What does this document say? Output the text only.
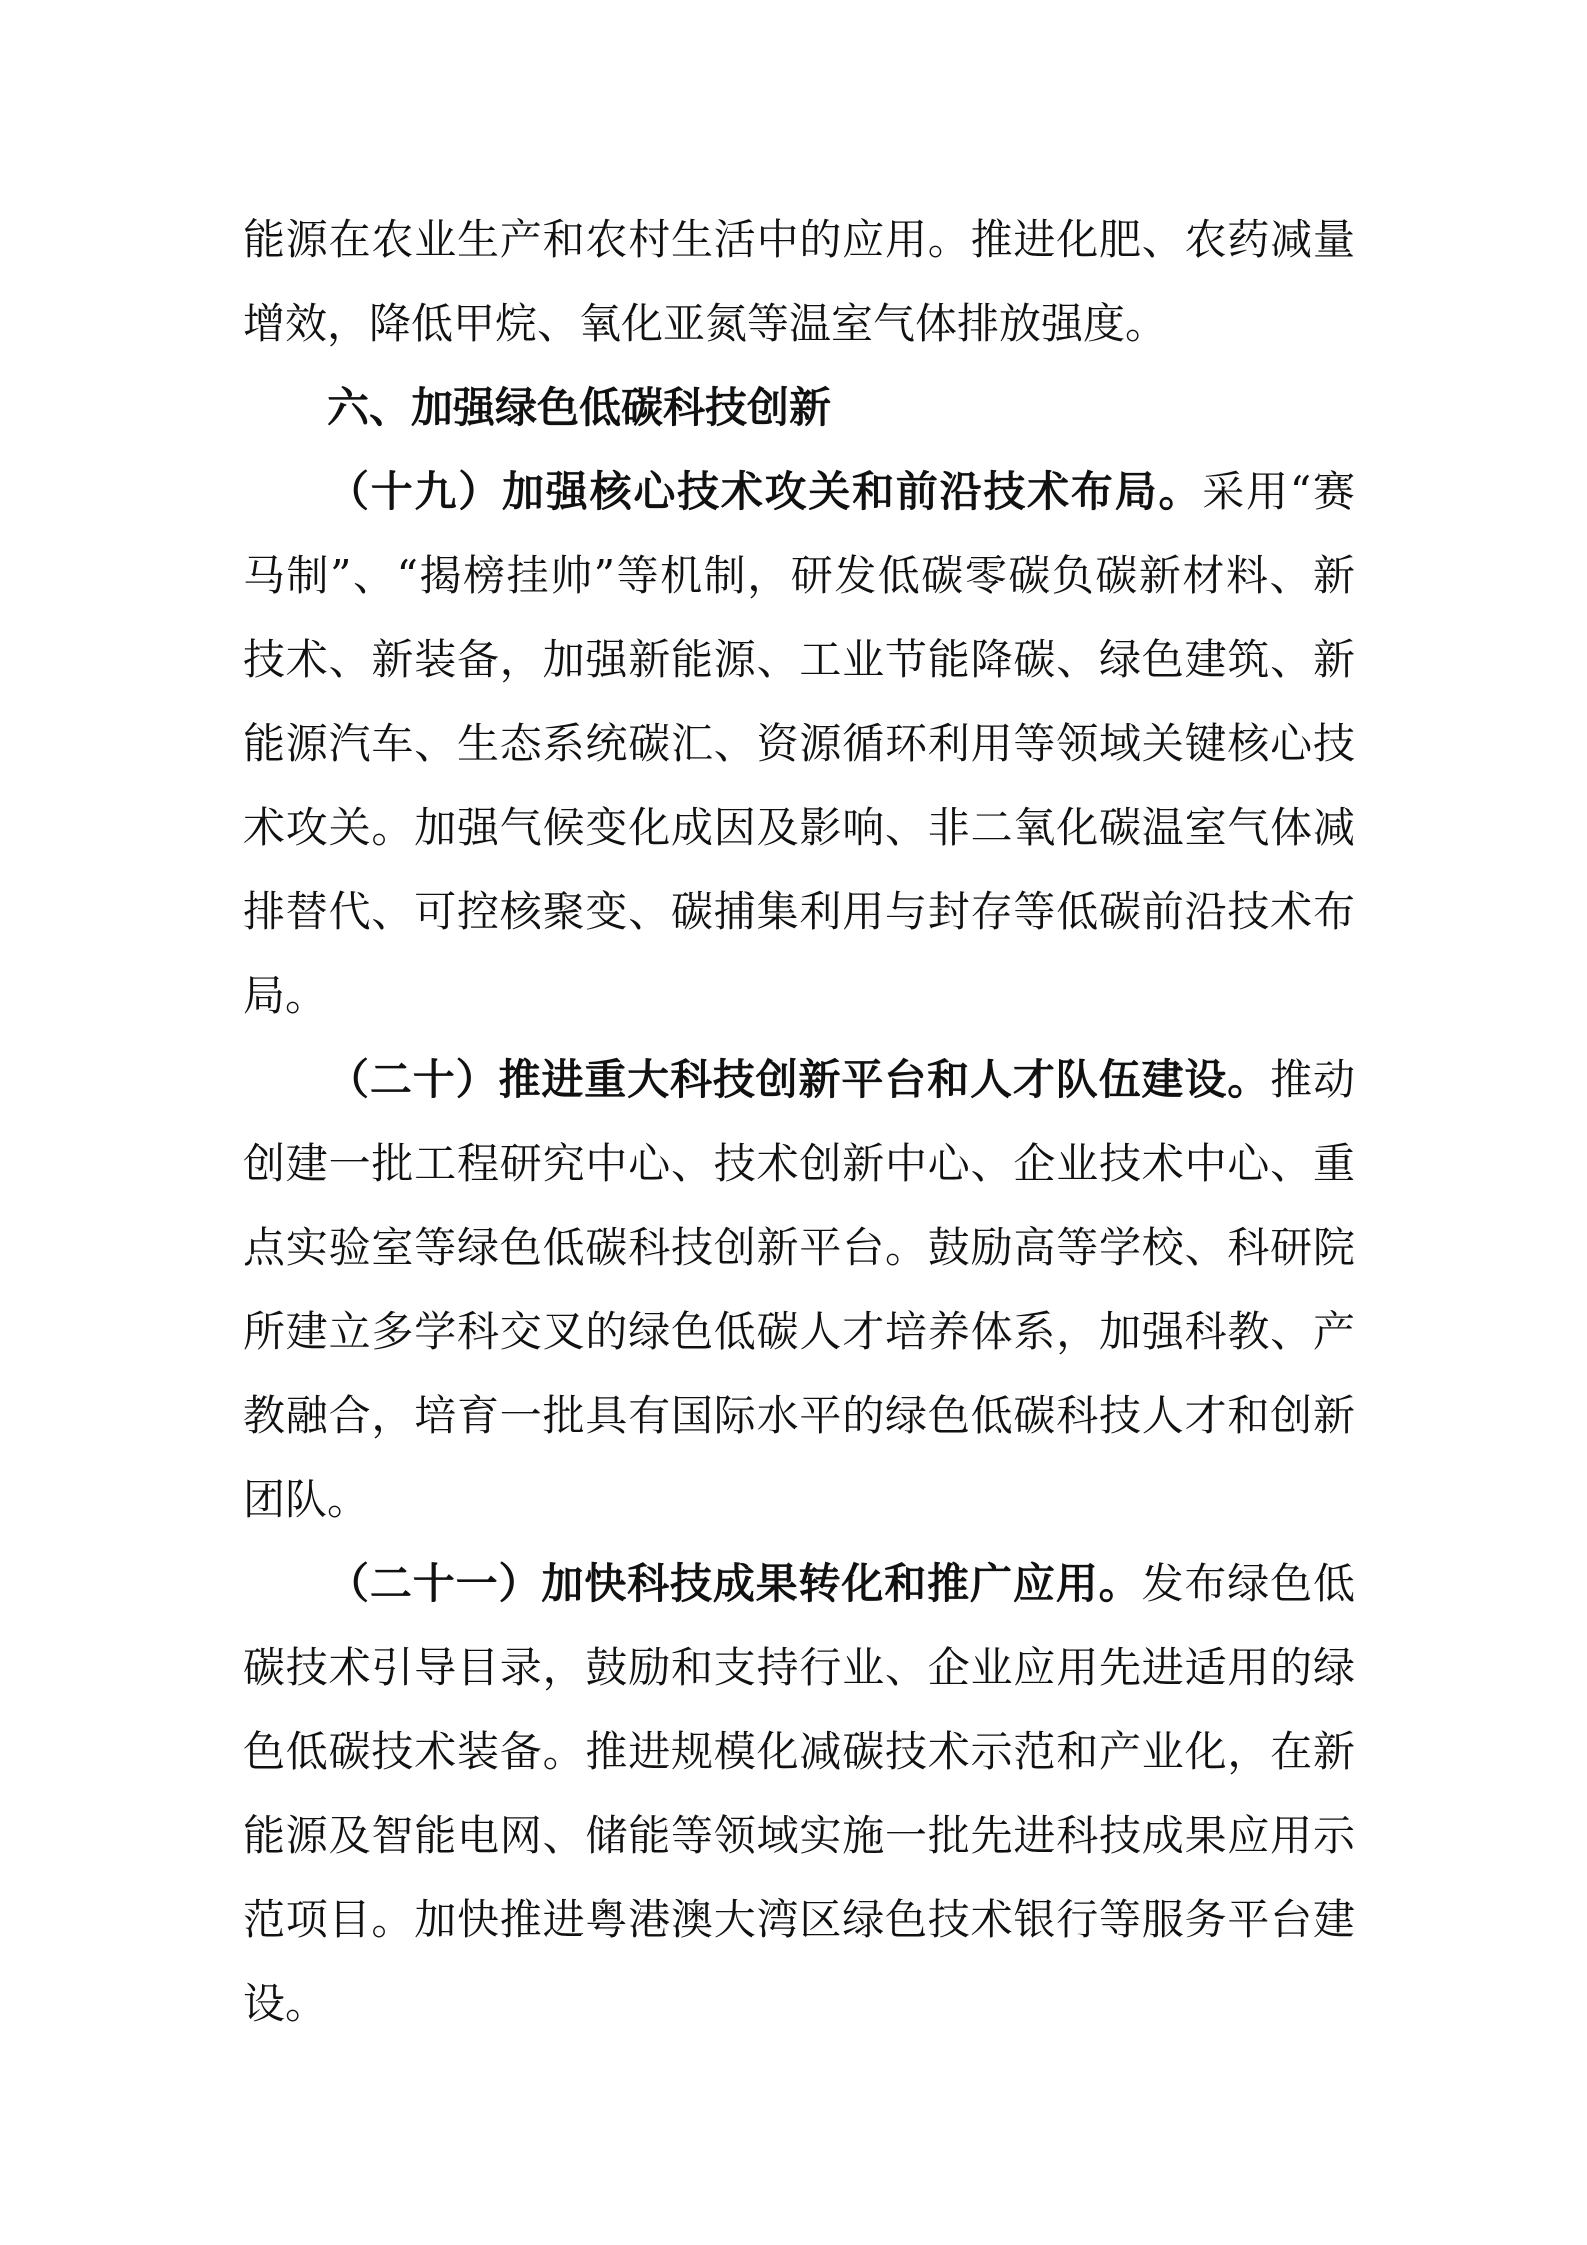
能源在农业生产和农村生活中的应用。推进化肥、农药减量增效，降低甲烷、氧化亚氮等温室气体排放强度。

六、加强绿色低碳科技创新

（十九）加强核心技术攻关和前沿技术布局。采用“赛马制”、“揭榜挂帅”等机制，研发低碳零碳负碳新材料、新技术、新装备，加强新能源、工业节能降碳、绿色建筑、新能源汽车、生态系统碳汇、资源循环利用等领域关键核心技术攻关。加强气候变化成因及影响、非二氧化碳温室气体减排替代、可控核聚变、碳捕集利用与封存等低碳前沿技术布局。

（二十）推进重大科技创新平台和人才队伍建设。推动创建一批工程研究中心、技术创新中心、企业技术中心、重点实验室等绿色低碳科技创新平台。鼓励高等学校、科研院所建立多学科交叉的绿色低碳人才培养体系，加强科教、产教融合，培育一批具有国际水平的绿色低碳科技人才和创新团队。

（二十一）加快科技成果转化和推广应用。发布绿色低碳技术引导目录，鼓励和支持行业、企业应用先进适用的绿色低碳技术装备。推进规模化减碳技术示范和产业化，在新能源及智能电网、储能等领域实施一批先进科技成果应用示范项目。加快推进粤港澳大湾区绿色技术银行等服务平台建设。
